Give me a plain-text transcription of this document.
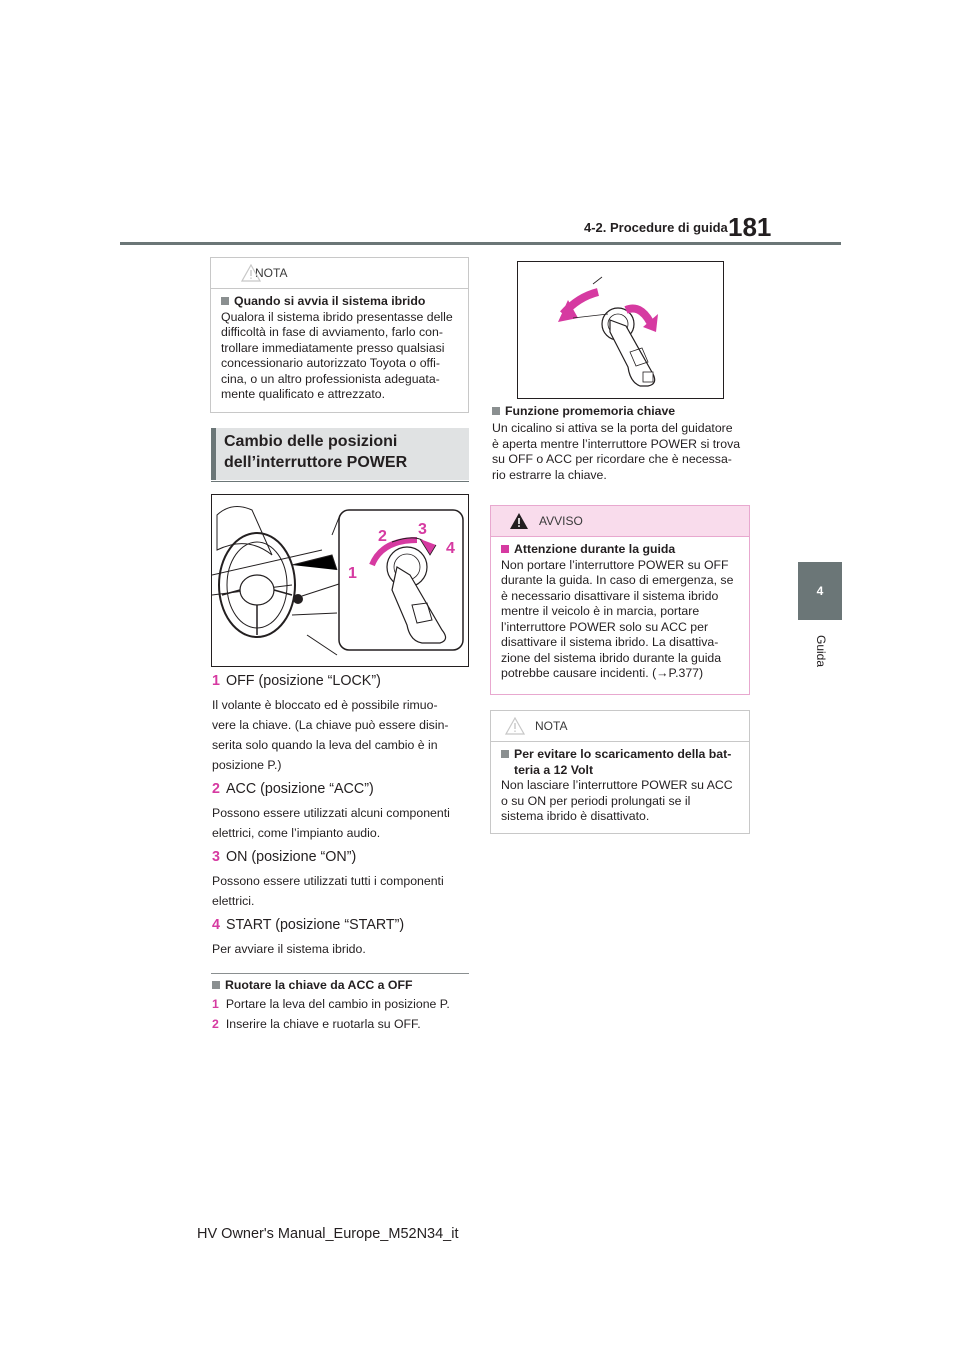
4-2. Procedure di guida 181
4
Guida
NOTA
Quando si avvia il sistema ibrido
Qualora il sistema ibrido presentasse delle
difficoltà in fase di avviamento, farlo con-
trollare immediatamente presso qualsiasi
concessionario autorizzato Toyota o offi-
cina, o un altro professionista adeguata-
mente qualificato e attrezzato.
Cambio delle posizioni
dell’interruttore POWER
1
2 3
4
1 OFF (posizione “LOCK”)
Il volante è bloccato ed è possibile rimuo-
vere la chiave. (La chiave può essere disin-
serita solo quando la leva del cambio è in
posizione P.)
2 ACC (posizione “ACC”)
Possono essere utilizzati alcuni componenti
elettrici, come l’impianto audio.
3 ON (posizione “ON”)
Possono essere utilizzati tutti i componenti
elettrici.
4 START (posizione “START”)
Per avviare il sistema ibrido.
Ruotare la chiave da ACC a OFF
1 Portare la leva del cambio in posizione P.
2 Inserire la chiave e ruotarla su OFF.
Funzione promemoria chiave
Un cicalino si attiva se la porta del guidatore
è aperta mentre l’interruttore POWER si trova
su OFF o ACC per ricordare che è necessa-
rio estrarre la chiave.
AVVISO
Attenzione durante la guida
Non portare l’interruttore POWER su OFF
durante la guida. In caso di emergenza, se
è necessario disattivare il sistema ibrido
mentre il veicolo è in marcia, portare
l’interruttore POWER solo su ACC per
disattivare il sistema ibrido. La disattiva-
zione del sistema ibrido durante la guida
potrebbe causare incidenti. (→P.377)
NOTA
Per evitare lo scaricamento della bat-
teria a 12 Volt
Non lasciare l’interruttore POWER su ACC
o su ON per periodi prolungati se il
sistema ibrido è disattivato.
HV Owner's Manual_Europe_M52N34_it
